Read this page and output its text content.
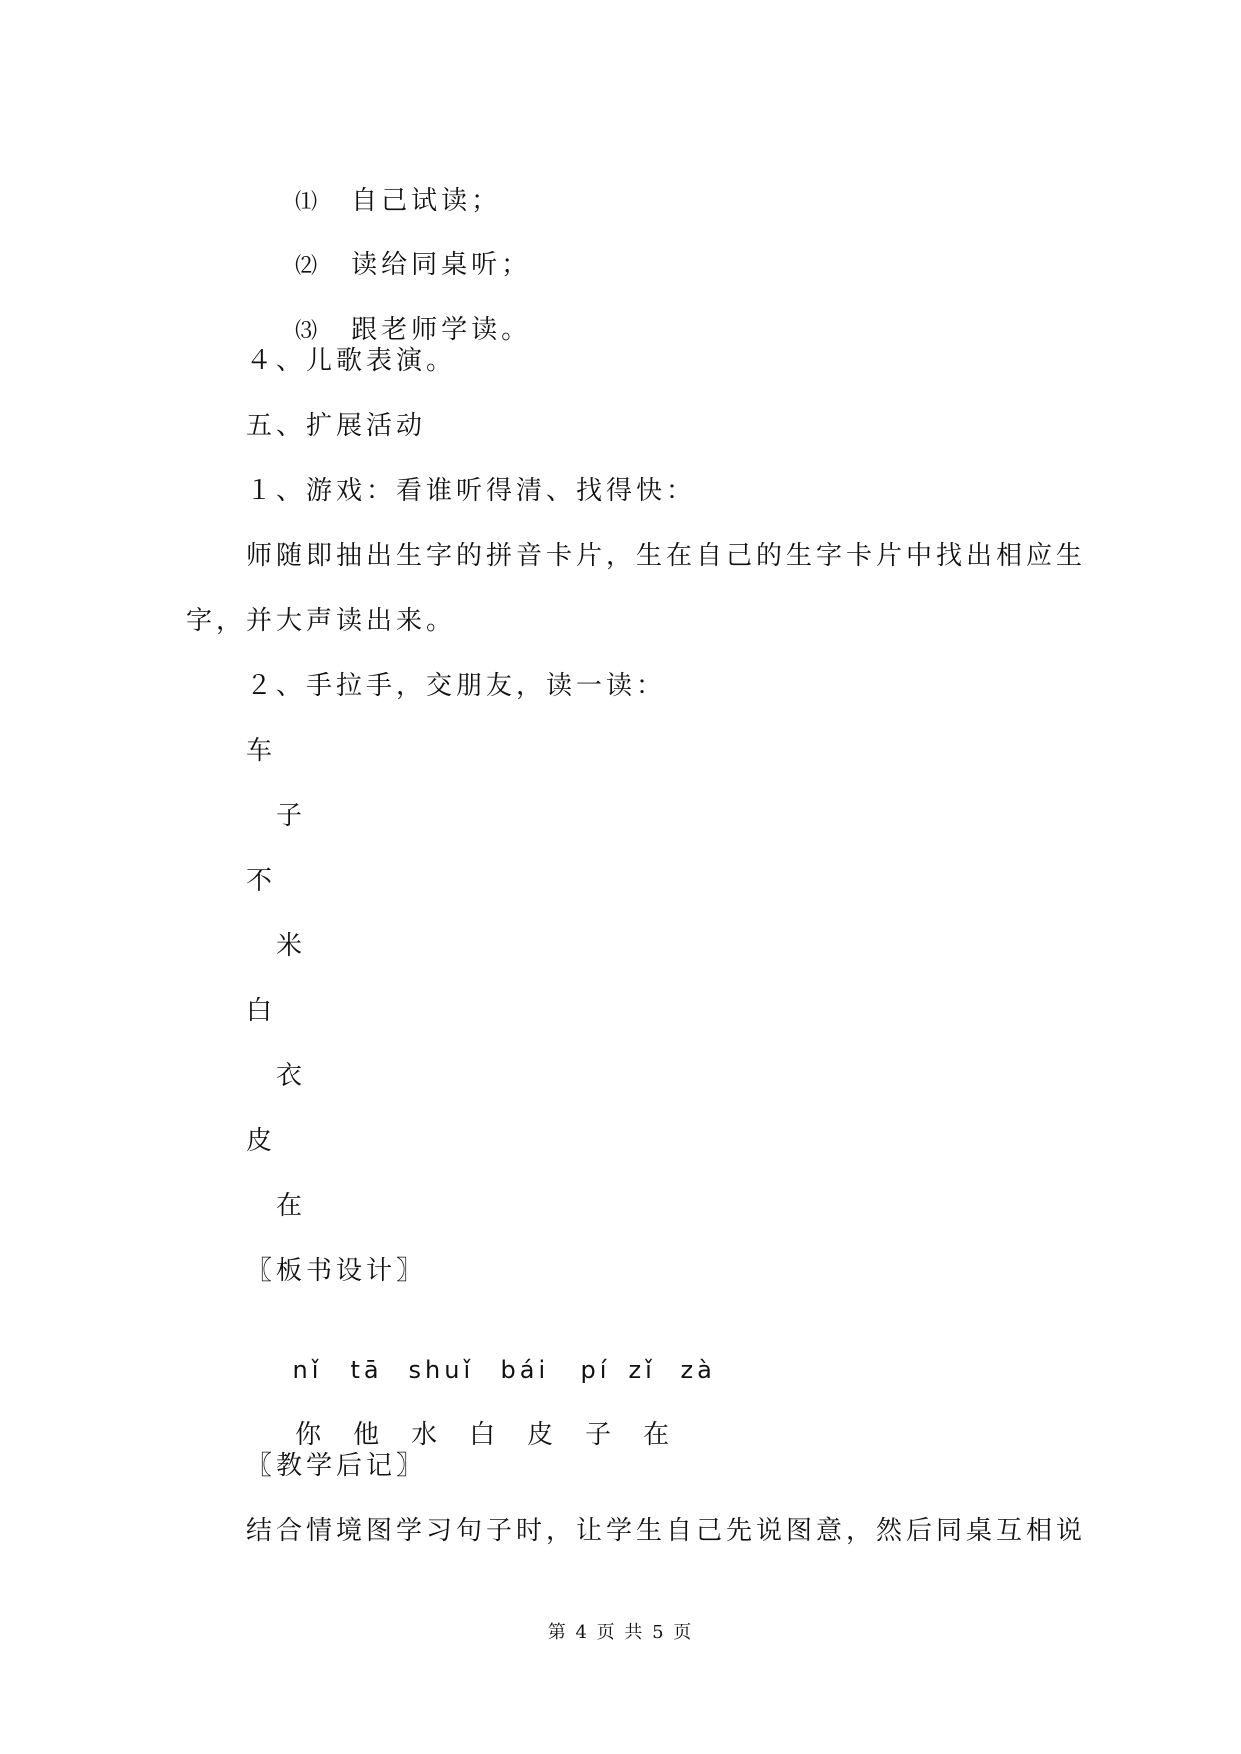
⑴ 自己试读；

⑵ 读给同桌听；

⑶ 跟老师学读。

４、儿歌表演。
五、扩展活动
１、游戏：看谁听得清、找得快：
师随即抽出生字的拼音卡片，生在自己的生字卡片中找出相应生
字，并大声读出来。
２、手拉手，交朋友，读一读：
车
子
不
米
白
衣
皮
在
〖板书设计〗

nǐ tā shuǐ bái pí zǐ zà

你 他 水 白 皮 子 在

〖教学后记〗
结合情境图学习句子时，让学生自己先说图意，然后同桌互相说
第 4 页 共 5 页
